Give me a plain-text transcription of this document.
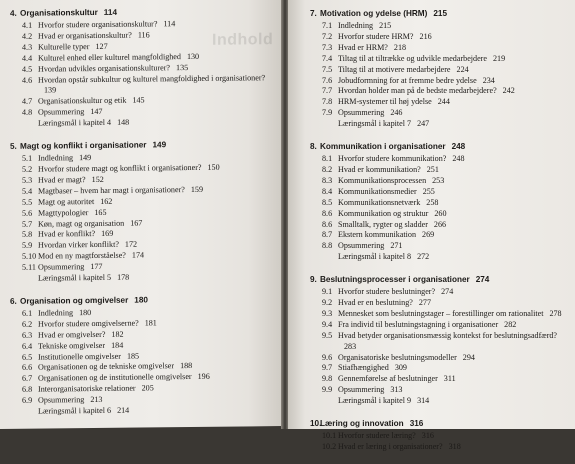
Indhold
4. Organisationskultur 114
4.1 Hvorfor studere organisationskultur? 114
4.2 Hvad er organisationskultur? 116
4.3 Kulturelle typer 127
4.4 Kulturel enhed eller kulturel mangfoldighed 130
4.5 Hvordan udvikles organisationskulturer? 135
4.6 Hvordan opstår subkultur og kulturel mangfoldighed i organisationer?139
4.7 Organisationskultur og etik 145
4.8 Opsummering 147
Læringsmål i kapitel 4 148
5. Magt og konflikt i organisationer 149
5.1 Indledning 149
5.2 Hvorfor studere magt og konflikt i organisationer? 150
5.3 Hvad er magt? 152
5.4 Magtbaser – hvem har magt i organisationer? 159
5.5 Magt og autoritet 162
5.6 Magttypologier 165
5.7 Køn, magt og organisation 167
5.8 Hvad er konflikt? 169
5.9 Hvordan virker konflikt? 172
5.10 Mod en ny magtforståelse? 174
5.11 Opsummering 177
Læringsmål i kapitel 5 178
6. Organisation og omgivelser 180
6.1 Indledning 180
6.2 Hvorfor studere omgivelserne? 181
6.3 Hvad er omgivelser? 182
6.4 Tekniske omgivelser 184
6.5 Institutionelle omgivelser 185
6.6 Organisationen og de tekniske omgivelser 188
6.7 Organisationen og de institutionelle omgivelser 196
6.8 Interorganisatoriske relationer 205
6.9 Opsummering 213
Læringsmål i kapitel 6 214
7. Motivation og ydelse (HRM) 215
7.1 Indledning 215
7.2 Hvorfor studere HRM? 216
7.3 Hvad er HRM? 218
7.4 Tiltag til at tiltrække og udvikle medarbejdere 219
7.5 Tiltag til at motivere medarbejdere 224
7.6 Jobudformning for at fremme bedre ydelse 234
7.7 Hvordan holder man på de bedste medarbejdere? 242
7.8 HRM-systemer til høj ydelse 244
7.9 Opsummering 246
Læringsmål i kapitel 7 247
8. Kommunikation i organisationer 248
8.1 Hvorfor studere kommunikation? 248
8.2 Hvad er kommunikation? 251
8.3 Kommunikationsprocessen 253
8.4 Kommunikationsmedier 255
8.5 Kommunikationsnetværk 258
8.6 Kommunikation og struktur 260
8.6 Smalltalk, rygter og sladder 266
8.7 Ekstern kommunikation 269
8.8 Opsummering 271
Læringsmål i kapitel 8 272
9. Beslutningsprocesser i organisationer 274
9.1 Hvorfor studere beslutninger? 274
9.2 Hvad er en beslutning? 277
9.3 Mennesket som beslutningstager – forestillinger om rationalitet 278
9.4 Fra individ til beslutningstagning i organisationer 282
9.5 Hvad betyder organisationsmæssig kontekst for beslutningsadfærd?283
9.6 Organisatoriske beslutningsmodeller 294
9.7 Stiafhængighed 309
9.8 Gennemførelse af beslutninger 311
9.9 Opsummering 313
Læringsmål i kapitel 9 314
10.Læring og innovation 316
10.1 Hvorfor studere læring? 316
10.2 Hvad er læring i organisationer? 318
